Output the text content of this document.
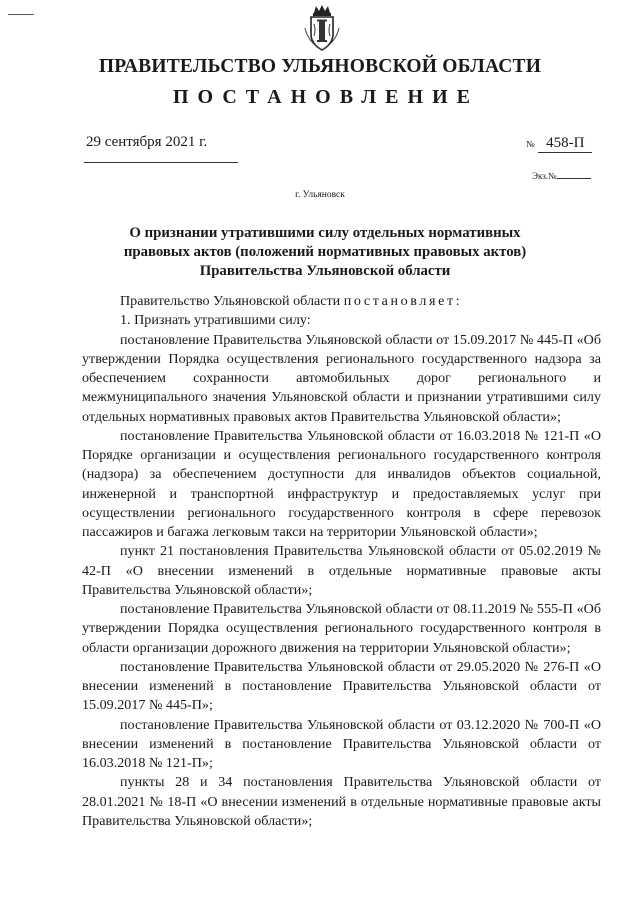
ПРАВИТЕЛЬСТВО УЛЬЯНОВСКОЙ ОБЛАСТИ
ПОСТАНОВЛЕНИЕ
29 сентября 2021 г.	№ 458-П
Экз.№
г. Ульяновск
О признании утратившими силу отдельных нормативных
правовых актов (положений нормативных правовых актов)
Правительства Ульяновской области

Правительство Ульяновской области постановляет:

1. Признать утратившими силу:

постановление Правительства Ульяновской области от 15.09.2017 № 445-П «Об утверждении Порядка осуществления регионального государственного надзора за обеспечением сохранности автомобильных дорог регионального и межмуниципального значения Ульяновской области и признании утратившими силу отдельных нормативных правовых актов Правительства Ульяновской области»;

постановление Правительства Ульяновской области от 16.03.2018 № 121-П «О Порядке организации и осуществления регионального государственного контроля (надзора) за обеспечением доступности для инвалидов объектов социальной, инженерной и транспортной инфраструктур и предоставляемых услуг при осуществлении регионального государственного контроля в сфере перевозок пассажиров и багажа легковым такси на территории Ульяновской области»;

пункт 21 постановления Правительства Ульяновской области от 05.02.2019 № 42-П «О внесении изменений в отдельные нормативные правовые акты Правительства Ульяновской области»;

постановление Правительства Ульяновской области от 08.11.2019 № 555-П «Об утверждении Порядка осуществления регионального государственного контроля в области организации дорожного движения на территории Ульяновской области»;

постановление Правительства Ульяновской области от 29.05.2020 № 276-П «О внесении изменений в постановление Правительства Ульяновской области от 15.09.2017 № 445-П»;

постановление Правительства Ульяновской области от 03.12.2020 № 700-П «О внесении изменений в постановление Правительства Ульяновской области от 16.03.2018 № 121-П»;

пункты 28 и 34 постановления Правительства Ульяновской области от 28.01.2021 № 18-П «О внесении изменений в отдельные нормативные правовые акты Правительства Ульяновской области»;
